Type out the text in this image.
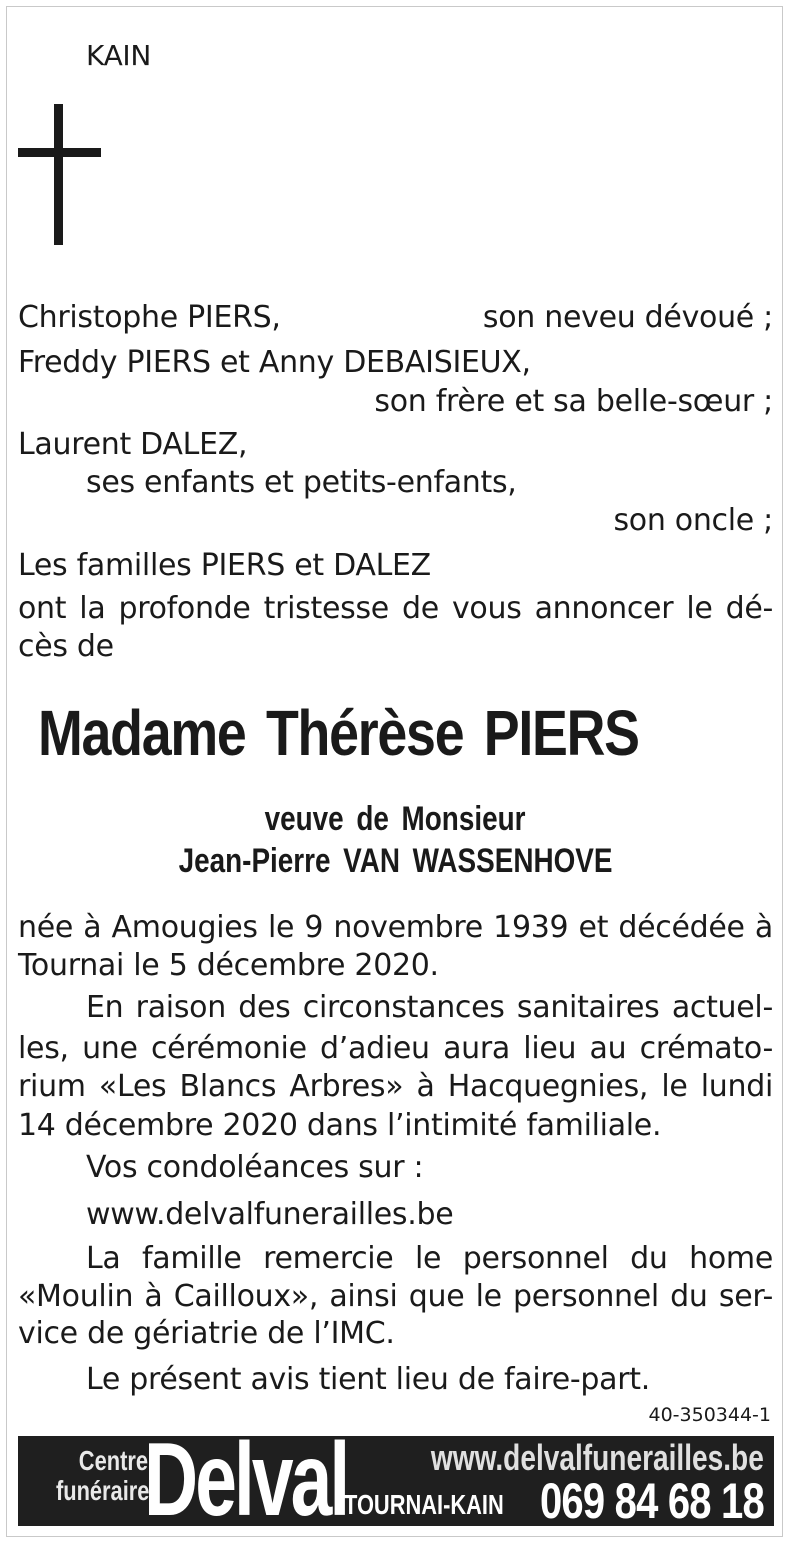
KAIN
Christophe PIERS,	son neveu dévoué ;
Freddy PIERS et Anny DEBAISIEUX,
son frère et sa belle-sœur ;
Laurent DALEZ,
ses enfants et petits-enfants,
son oncle ;
Les familles PIERS et DALEZ
ont la profonde tristesse de vous annoncer le dé-
cès de
Madame Thérèse PIERS
veuve de Monsieur
Jean-Pierre VAN WASSENHOVE
née à Amougies le 9 novembre 1939 et décédée à
Tournai le 5 décembre 2020.
En raison des circonstances sanitaires actuel-
les, une cérémonie d’adieu aura lieu au crémato-
rium «Les Blancs Arbres» à Hacquegnies, le lundi
14 décembre 2020 dans l’intimité familiale.
Vos condoléances sur :
www.delvalfunerailles.be
La famille remercie le personnel du home
«Moulin à Cailloux», ainsi que le personnel du ser-
vice de gériatrie de l’IMC.
Le présent avis tient lieu de faire-part.
40-350344-1
Centre
funéraire
Delval www.delvalfunerailles.be
TOURNAI-KAIN 069 84 68 18
